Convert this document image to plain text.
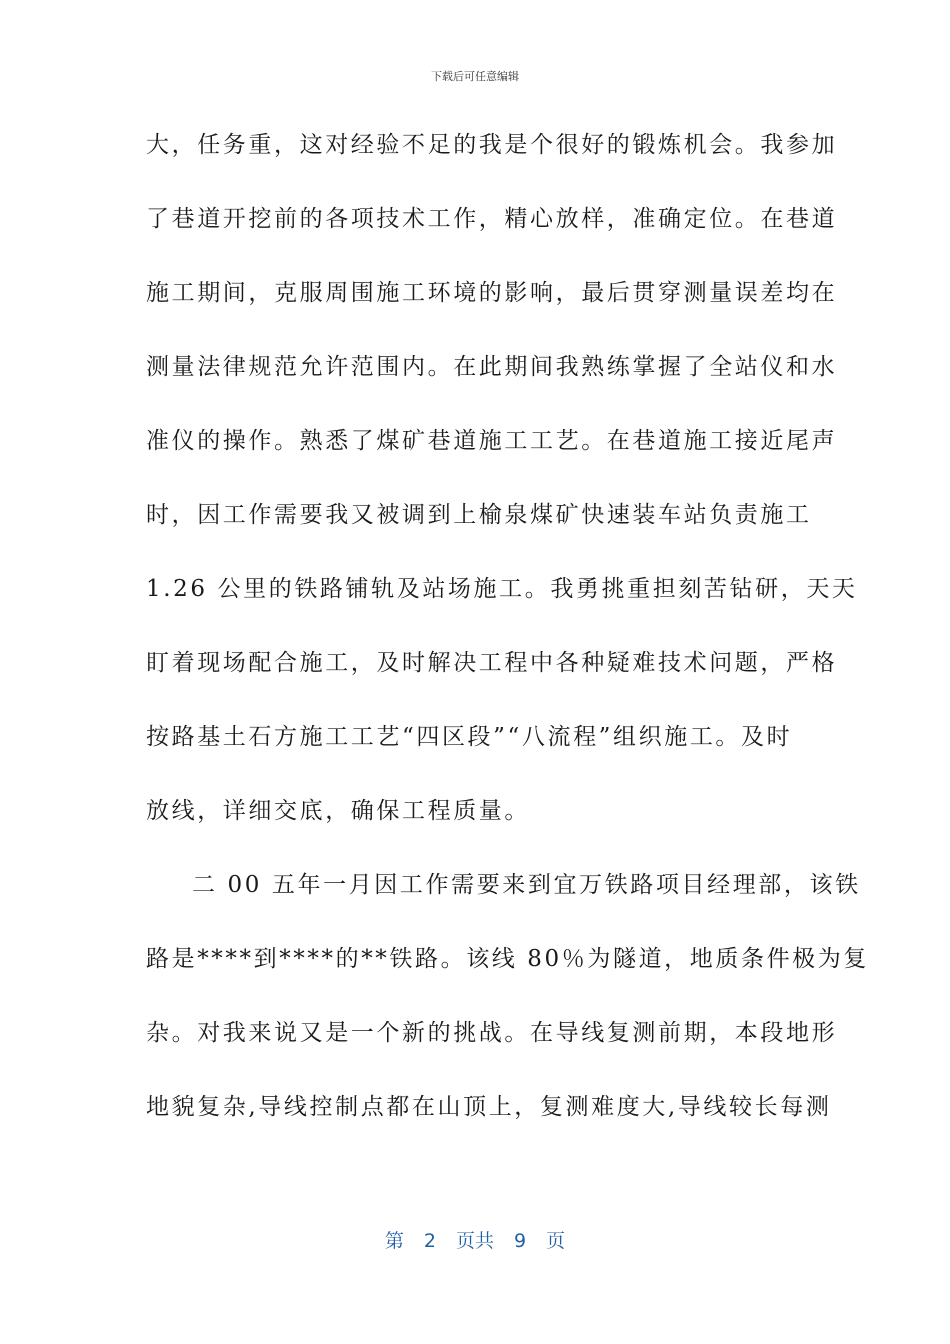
下载后可任意编辑
大，任务重，这对经验不足的我是个很好的锻炼机会。我参加
了巷道开挖前的各项技术工作，精心放样，准确定位。在巷道
施工期间，克服周围施工环境的影响，最后贯穿测量误差均在
测量法律规范允许范围内。在此期间我熟练掌握了全站仪和水
准仪的操作。熟悉了煤矿巷道施工工艺。在巷道施工接近尾声
时，因工作需要我又被调到上榆泉煤矿快速装车站负责施工
1.26 公里的铁路铺轨及站场施工。我勇挑重担刻苦钻研，天天
盯着现场配合施工，及时解决工程中各种疑难技术问题，严格
按路基土石方施工工艺“四区段”“八流程”组织施工。及时
放线，详细交底，确保工程质量。
二 00 五年一月因工作需要来到宜万铁路项目经理部，该铁
路是****到****的**铁路。该线 80％为隧道，地质条件极为复
杂。对我来说又是一个新的挑战。在导线复测前期，本段地形
地貌复杂,导线控制点都在山顶上，复测难度大,导线较长每测
第 2 页共 9 页
